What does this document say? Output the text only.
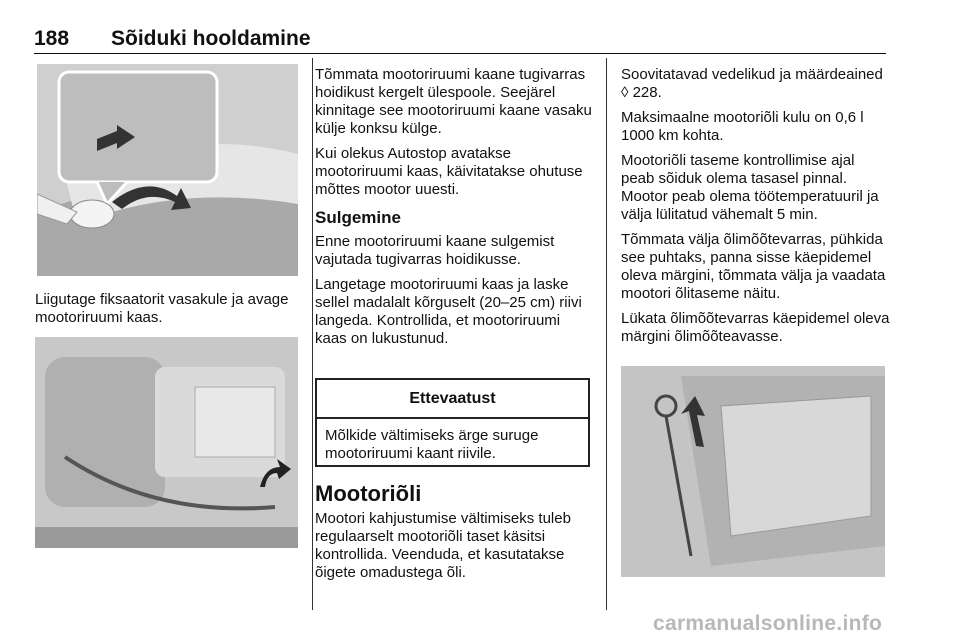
188 Sõiduki hooldamine
Liigutage fiksaatorit vasakule ja avage mootoriruumi kaas.

Tõmmata mootoriruumi kaane tugivarras hoidikust kergelt ülespoole. Seejärel kinnitage see mootoriruumi kaane vasaku külje konksu külge.

Kui olekus Autostop avatakse mootoriruumi kaas, käivitatakse ohutuse mõttes mootor uuesti.

Sulgemine

Enne mootoriruumi kaane sulgemist vajutada tugivarras hoidikusse.

Langetage mootoriruumi kaas ja laske sellel madalalt kõrguselt (20–25 cm) riivi langeda. Kontrollida, et mootoriruumi kaas on lukustunud.

Ettevaatust
Mõlkide vältimiseks ärge suruge mootoriruumi kaant riivile.
Mootoriõli

Mootori kahjustumise vältimiseks tuleb regulaarselt mootoriõli taset käsitsi kontrollida. Veenduda, et kasutatakse õigete omadustega õli.

Soovitatavad vedelikud ja määrdeained ◊ 228.

Maksimaalne mootoriõli kulu on 0,6 l 1000 km kohta.

Mootoriõli taseme kontrollimise ajal peab sõiduk olema tasasel pinnal. Mootor peab olema töötemperatuuril ja välja lülitatud vähemalt 5 min.

Tõmmata välja õlimõõtevarras, pühkida see puhtaks, panna sisse käepidemel oleva märgini, tõmmata välja ja vaadata mootori õlitaseme näitu.

Lükata õlimõõtevarras käepidemel oleva märgini õlimõõteavasse.

carmanualsonline.info
